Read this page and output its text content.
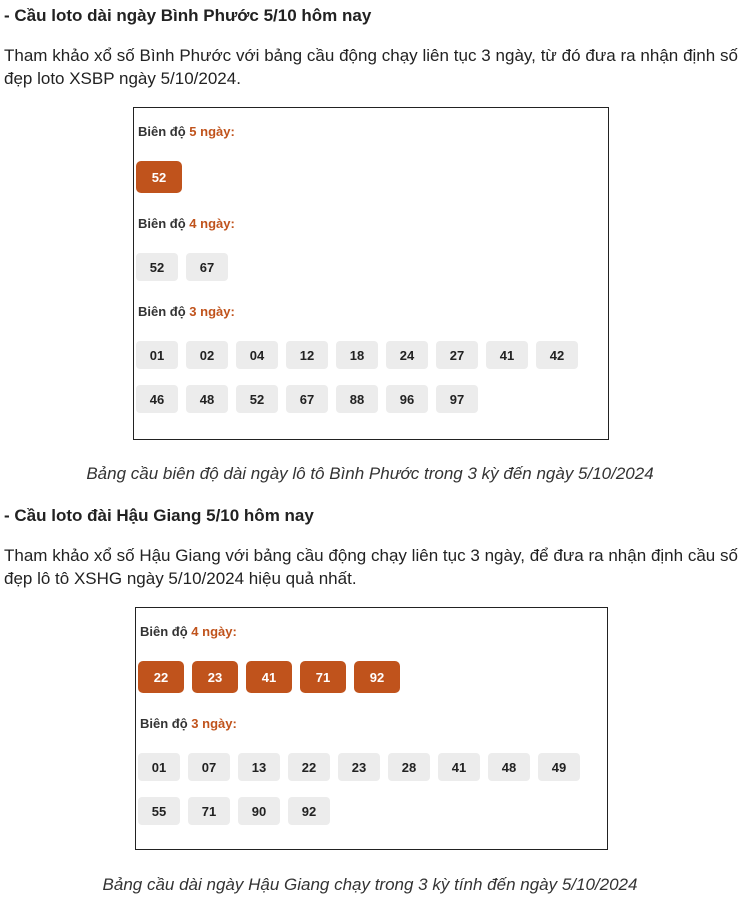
- Cầu loto dài ngày Bình Phước 5/10 hôm nay
Tham khảo xổ số Bình Phước với bảng cầu động chạy liên tục 3 ngày, từ đó đưa ra nhận định số đẹp loto XSBP ngày 5/10/2024.
Biên độ 5 ngày:
52
Biên độ 4 ngày:
52	67
Biên độ 3 ngày:
01	02	04	12	18	24	27	41	42
46	48	52	67	88	96	97
Bảng cầu biên độ dài ngày lô tô Bình Phước trong 3 kỳ đến ngày 5/10/2024
- Cầu loto đài Hậu Giang 5/10 hôm nay
Tham khảo xổ số Hậu Giang với bảng cầu động chạy liên tục 3 ngày, để đưa ra nhận định cầu số đẹp lô tô XSHG ngày 5/10/2024 hiệu quả nhất.
Biên độ 4 ngày:
22	23	41	71	92
Biên độ 3 ngày:
01	07	13	22	23	28	41	48	49
55	71	90	92
Bảng cầu dài ngày Hậu Giang chạy trong 3 kỳ tính đến ngày 5/10/2024
